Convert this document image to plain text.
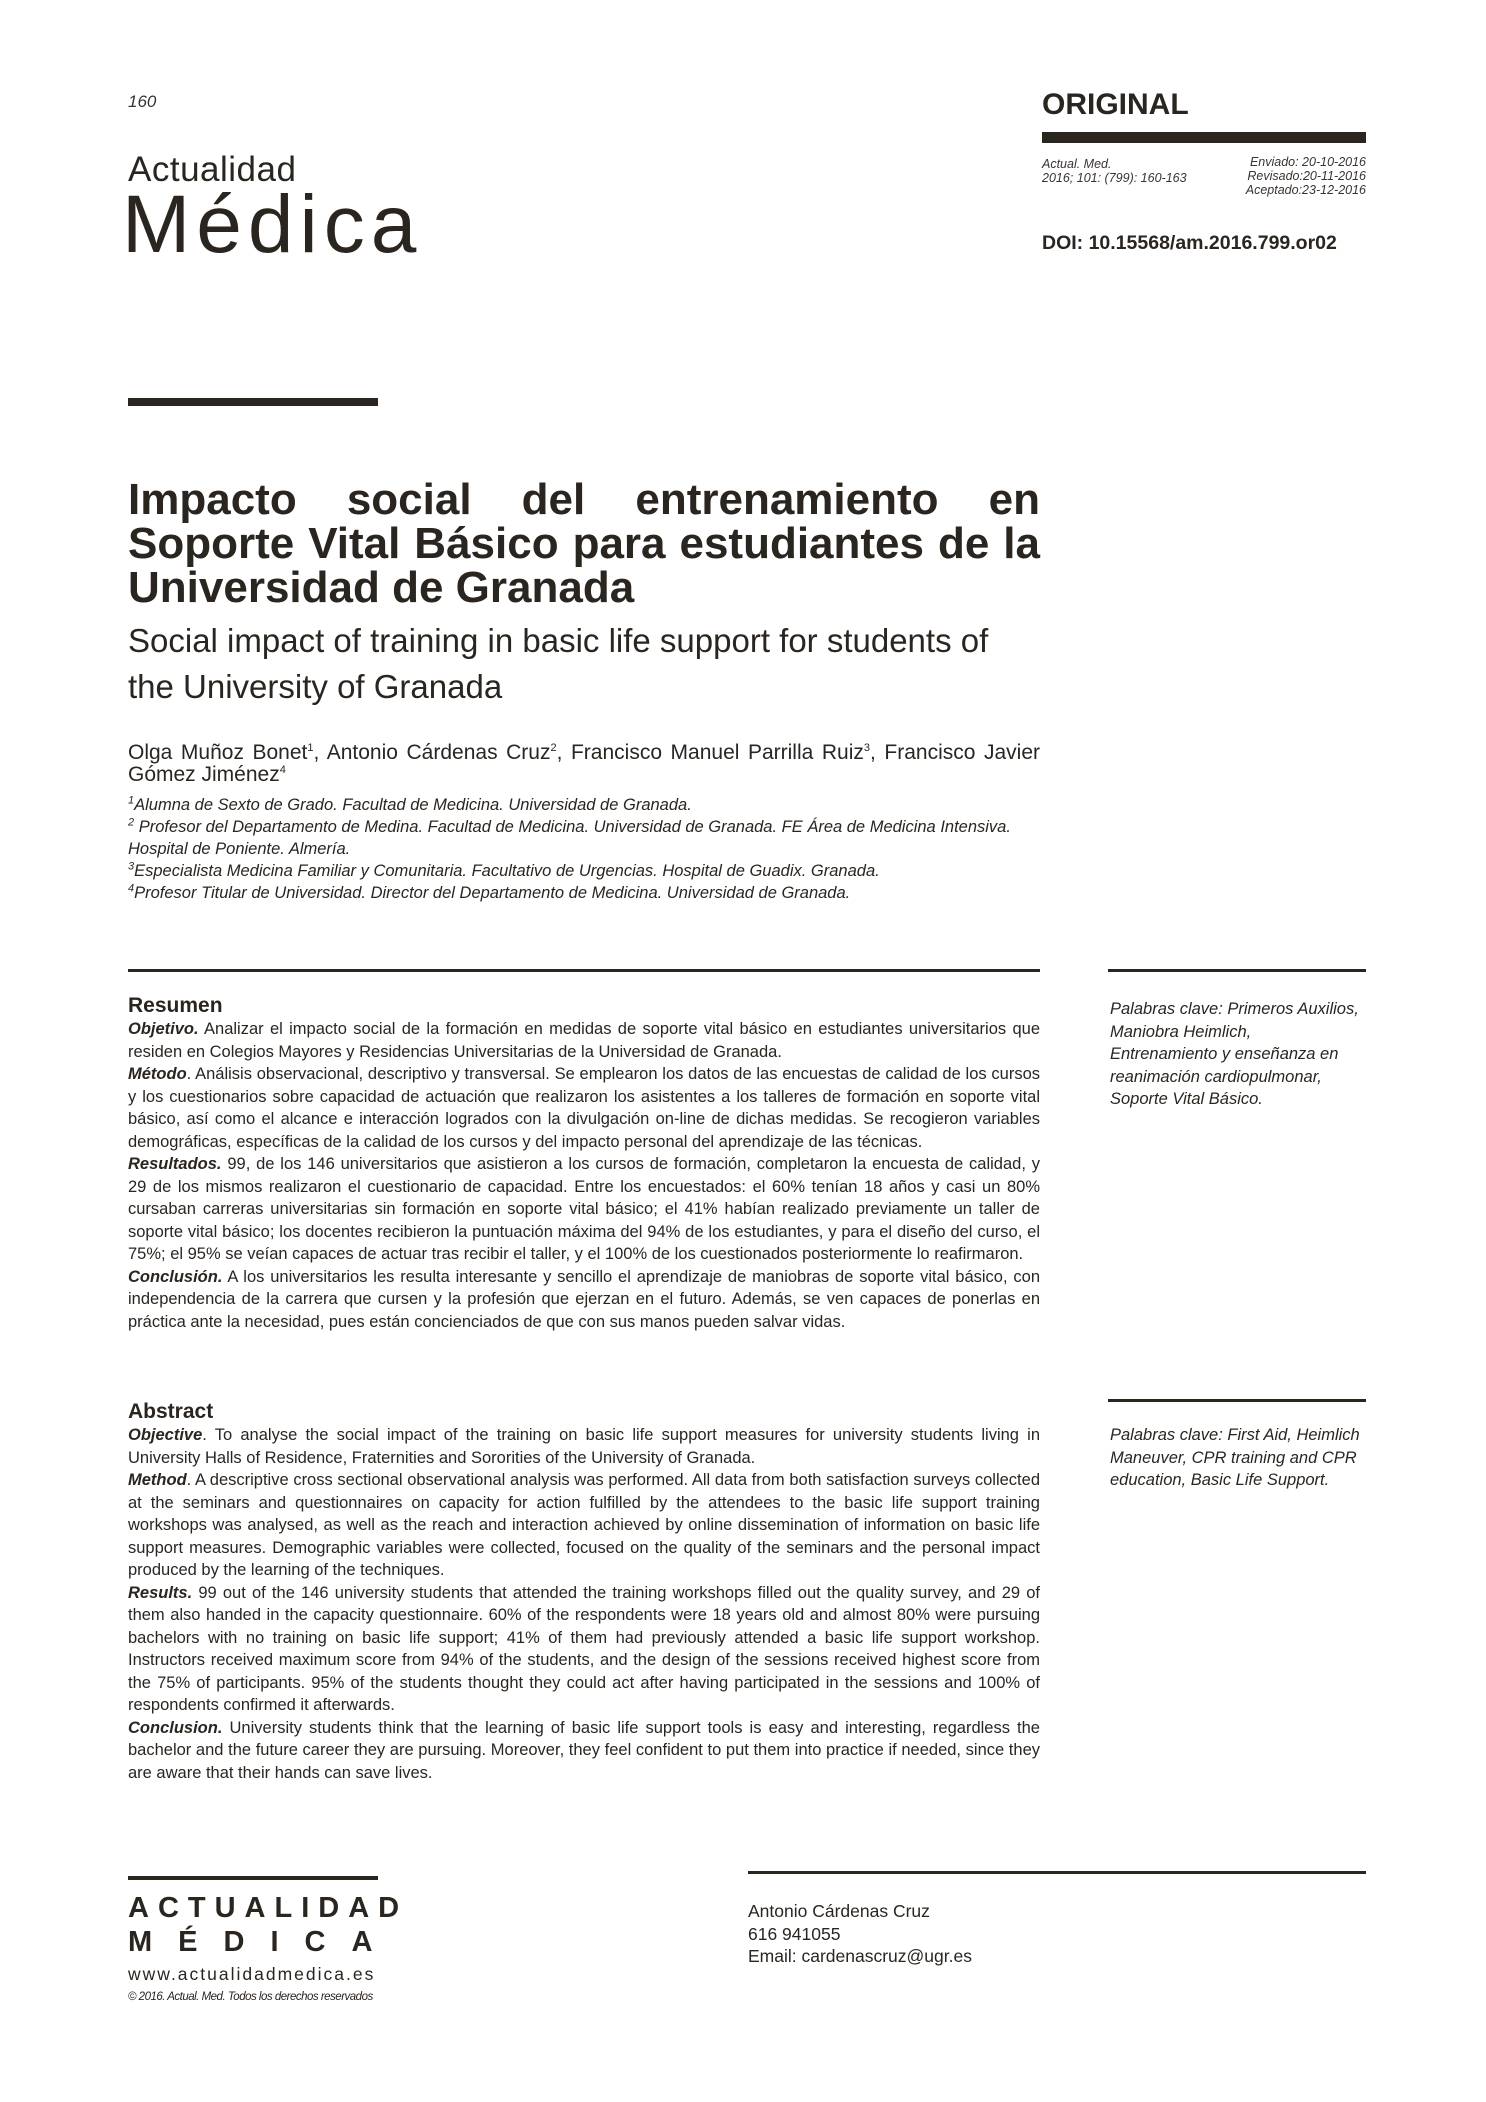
160
Actualidad
Médica
ORIGINAL
Actual. Med.
2016; 101: (799): 160-163
Enviado: 20-10-2016
Revisado:20-11-2016
Aceptado:23-12-2016
DOI: 10.15568/am.2016.799.or02
Impacto social del entrenamiento en Soporte Vital Básico para estudiantes de la Universidad de Granada
Social impact of training in basic life support for students of the University of Granada
Olga Muñoz Bonet$^1$, Antonio Cárdenas Cruz$^2$, Francisco Manuel Parrilla Ruiz$^3$, Francisco Javier Gómez Jiménez$^4$
$^1$Alumna de Sexto de Grado. Facultad de Medicina. Universidad de Granada.
$^2$ Profesor del Departamento de Medina. Facultad de Medicina. Universidad de Granada. FE Área de Medicina Intensiva. Hospital de Poniente. Almería.
$^3$Especialista Medicina Familiar y Comunitaria. Facultativo de Urgencias. Hospital de Guadix. Granada.
$^4$Profesor Titular de Universidad. Director del Departamento de Medicina. Universidad de Granada.
Resumen

Objetivo. Analizar el impacto social de la formación en medidas de soporte vital básico en estudiantes universitarios que residen en Colegios Mayores y Residencias Universitarias de la Universidad de Granada.

Método. Análisis observacional, descriptivo y transversal. Se emplearon los datos de las encuestas de calidad de los cursos y los cuestionarios sobre capacidad de actuación que realizaron los asistentes a los talleres de formación en soporte vital básico, así como el alcance e interacción logrados con la divulgación on-line de dichas medidas. Se recogieron variables demográficas, específicas de la calidad de los cursos y del impacto personal del aprendizaje de las técnicas.

Resultados. 99, de los 146 universitarios que asistieron a los cursos de formación, completaron la encuesta de calidad, y 29 de los mismos realizaron el cuestionario de capacidad. Entre los encuestados: el 60% tenían 18 años y casi un 80% cursaban carreras universitarias sin formación en soporte vital básico; el 41% habían realizado previamente un taller de soporte vital básico; los docentes recibieron la puntuación máxima del 94% de los estudiantes, y para el diseño del curso, el 75%; el 95% se veían capaces de actuar tras recibir el taller, y el 100% de los cuestionados posteriormente lo reafirmaron.

Conclusión. A los universitarios les resulta interesante y sencillo el aprendizaje de maniobras de soporte vital básico, con independencia de la carrera que cursen y la profesión que ejerzan en el futuro. Además, se ven capaces de ponerlas en práctica ante la necesidad, pues están concienciados de que con sus manos pueden salvar vidas.

Palabras clave: Primeros Auxilios, Maniobra Heimlich, Entrenamiento y enseñanza en reanimación cardiopulmonar, Soporte Vital Básico.
Abstract

Objective. To analyse the social impact of the training on basic life support measures for university students living in University Halls of Residence, Fraternities and Sororities of the University of Granada.

Method. A descriptive cross sectional observational analysis was performed. All data from both satisfaction surveys collected at the seminars and questionnaires on capacity for action fulfilled by the attendees to the basic life support training workshops was analysed, as well as the reach and interaction achieved by online dissemination of information on basic life support measures. Demographic variables were collected, focused on the quality of the seminars and the personal impact produced by the learning of the techniques.

Results. 99 out of the 146 university students that attended the training workshops filled out the quality survey, and 29 of them also handed in the capacity questionnaire. 60% of the respondents were 18 years old and almost 80% were pursuing bachelors with no training on basic life support; 41% of them had previously attended a basic life support workshop. Instructors received maximum score from 94% of the students, and the design of the sessions received highest score from the 75% of participants. 95% of the students thought they could act after having participated in the sessions and 100% of respondents confirmed it afterwards.

Conclusion. University students think that the learning of basic life support tools is easy and interesting, regardless the bachelor and the future career they are pursuing. Moreover, they feel confident to put them into practice if needed, since they are aware that their hands can save lives.

Palabras clave: First Aid, Heimlich Maneuver, CPR training and CPR education, Basic Life Support.
ACTUALIDAD
MÉDICA
www.actualidadmedica.es
© 2016. Actual. Med. Todos los derechos reservados
Antonio Cárdenas Cruz
616 941055
Email: cardenascruz@ugr.es
